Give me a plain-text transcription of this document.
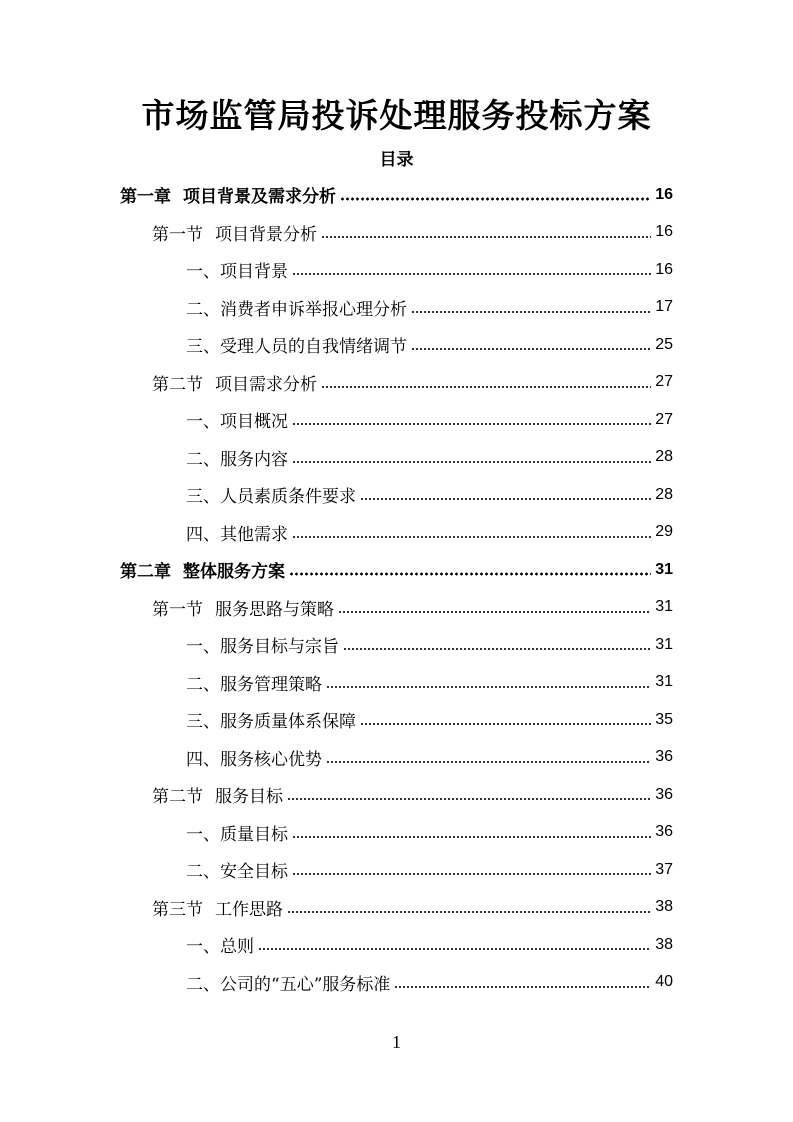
市场监管局投诉处理服务投标方案
目录
第一章 项目背景及需求分析	16
第一节 项目背景分析	16
一、项目背景	16
二、消费者申诉举报心理分析	17
三、受理人员的自我情绪调节	25
第二节 项目需求分析	27
一、项目概况	27
二、服务内容	28
三、人员素质条件要求	28
四、其他需求	29
第二章 整体服务方案	31
第一节 服务思路与策略	31
一、服务目标与宗旨	31
二、服务管理策略	31
三、服务质量体系保障	35
四、服务核心优势	36
第二节 服务目标	36
一、质量目标	36
二、安全目标	37
第三节 工作思路	38
一、总则	38
二、公司的“五心”服务标准	40
1
